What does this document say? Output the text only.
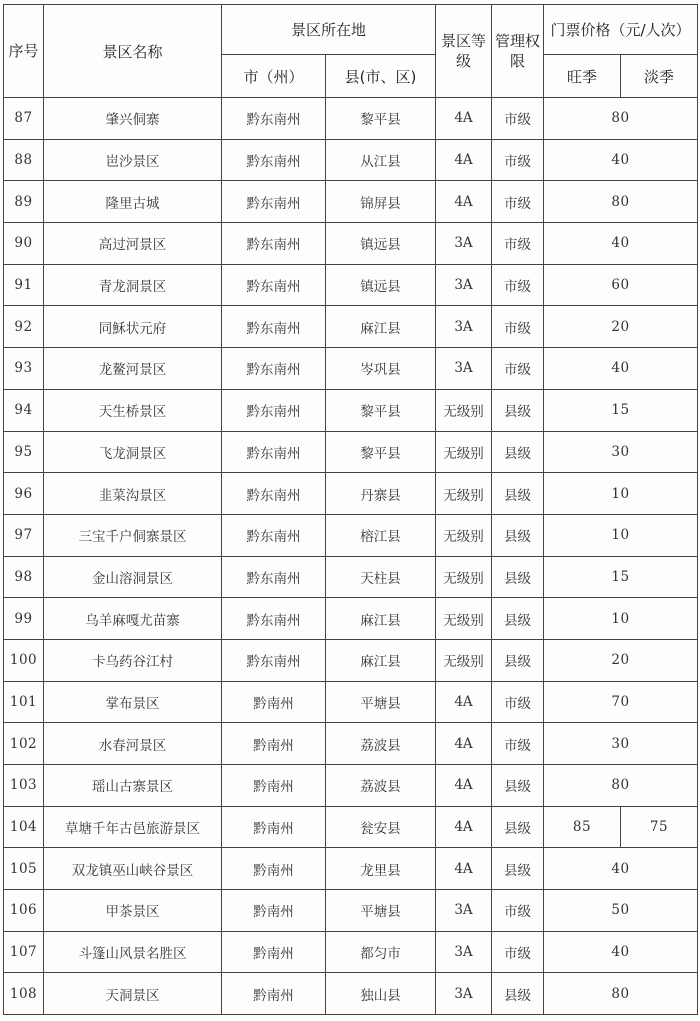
序号	景区名称	景区所在地		景区等级	管理权限	门票价格（元/人次）	
		市（州）	县(市、区)			旺季	淡季
87	肇兴侗寨	黔东南州	黎平县	4A	市级	80	
88	岜沙景区	黔东南州	从江县	4A	市级	40	
89	隆里古城	黔东南州	锦屏县	4A	市级	80	
90	高过河景区	黔东南州	镇远县	3A	市级	40	
91	青龙洞景区	黔东南州	镇远县	3A	市级	60	
92	同穌状元府	黔东南州	麻江县	3A	市级	20	
93	龙鳌河景区	黔东南州	岑巩县	3A	市级	40	
94	天生桥景区	黔东南州	黎平县	无级别	县级	15	
95	飞龙洞景区	黔东南州	黎平县	无级别	县级	30	
96	韭菜沟景区	黔东南州	丹寨县	无级别	县级	10	
97	三宝千户侗寨景区	黔东南州	榕江县	无级别	县级	10	
98	金山溶洞景区	黔东南州	天柱县	无级别	县级	15	
99	乌羊麻嘎尤苗寨	黔东南州	麻江县	无级别	县级	10	
100	卡乌药谷江村	黔东南州	麻江县	无级别	县级	20	
101	掌布景区	黔南州	平塘县	4A	市级	70	
102	水春河景区	黔南州	荔波县	4A	市级	30	
103	瑶山古寨景区	黔南州	荔波县	4A	县级	80	
104	草塘千年古邑旅游景区	黔南州	瓮安县	4A	县级	85	75
105	双龙镇巫山峡谷景区	黔南州	龙里县	4A	县级	40	
106	甲茶景区	黔南州	平塘县	3A	市级	50	
107	斗篷山风景名胜区	黔南州	都匀市	3A	市级	40	
108	天洞景区	黔南州	独山县	3A	县级	80	
